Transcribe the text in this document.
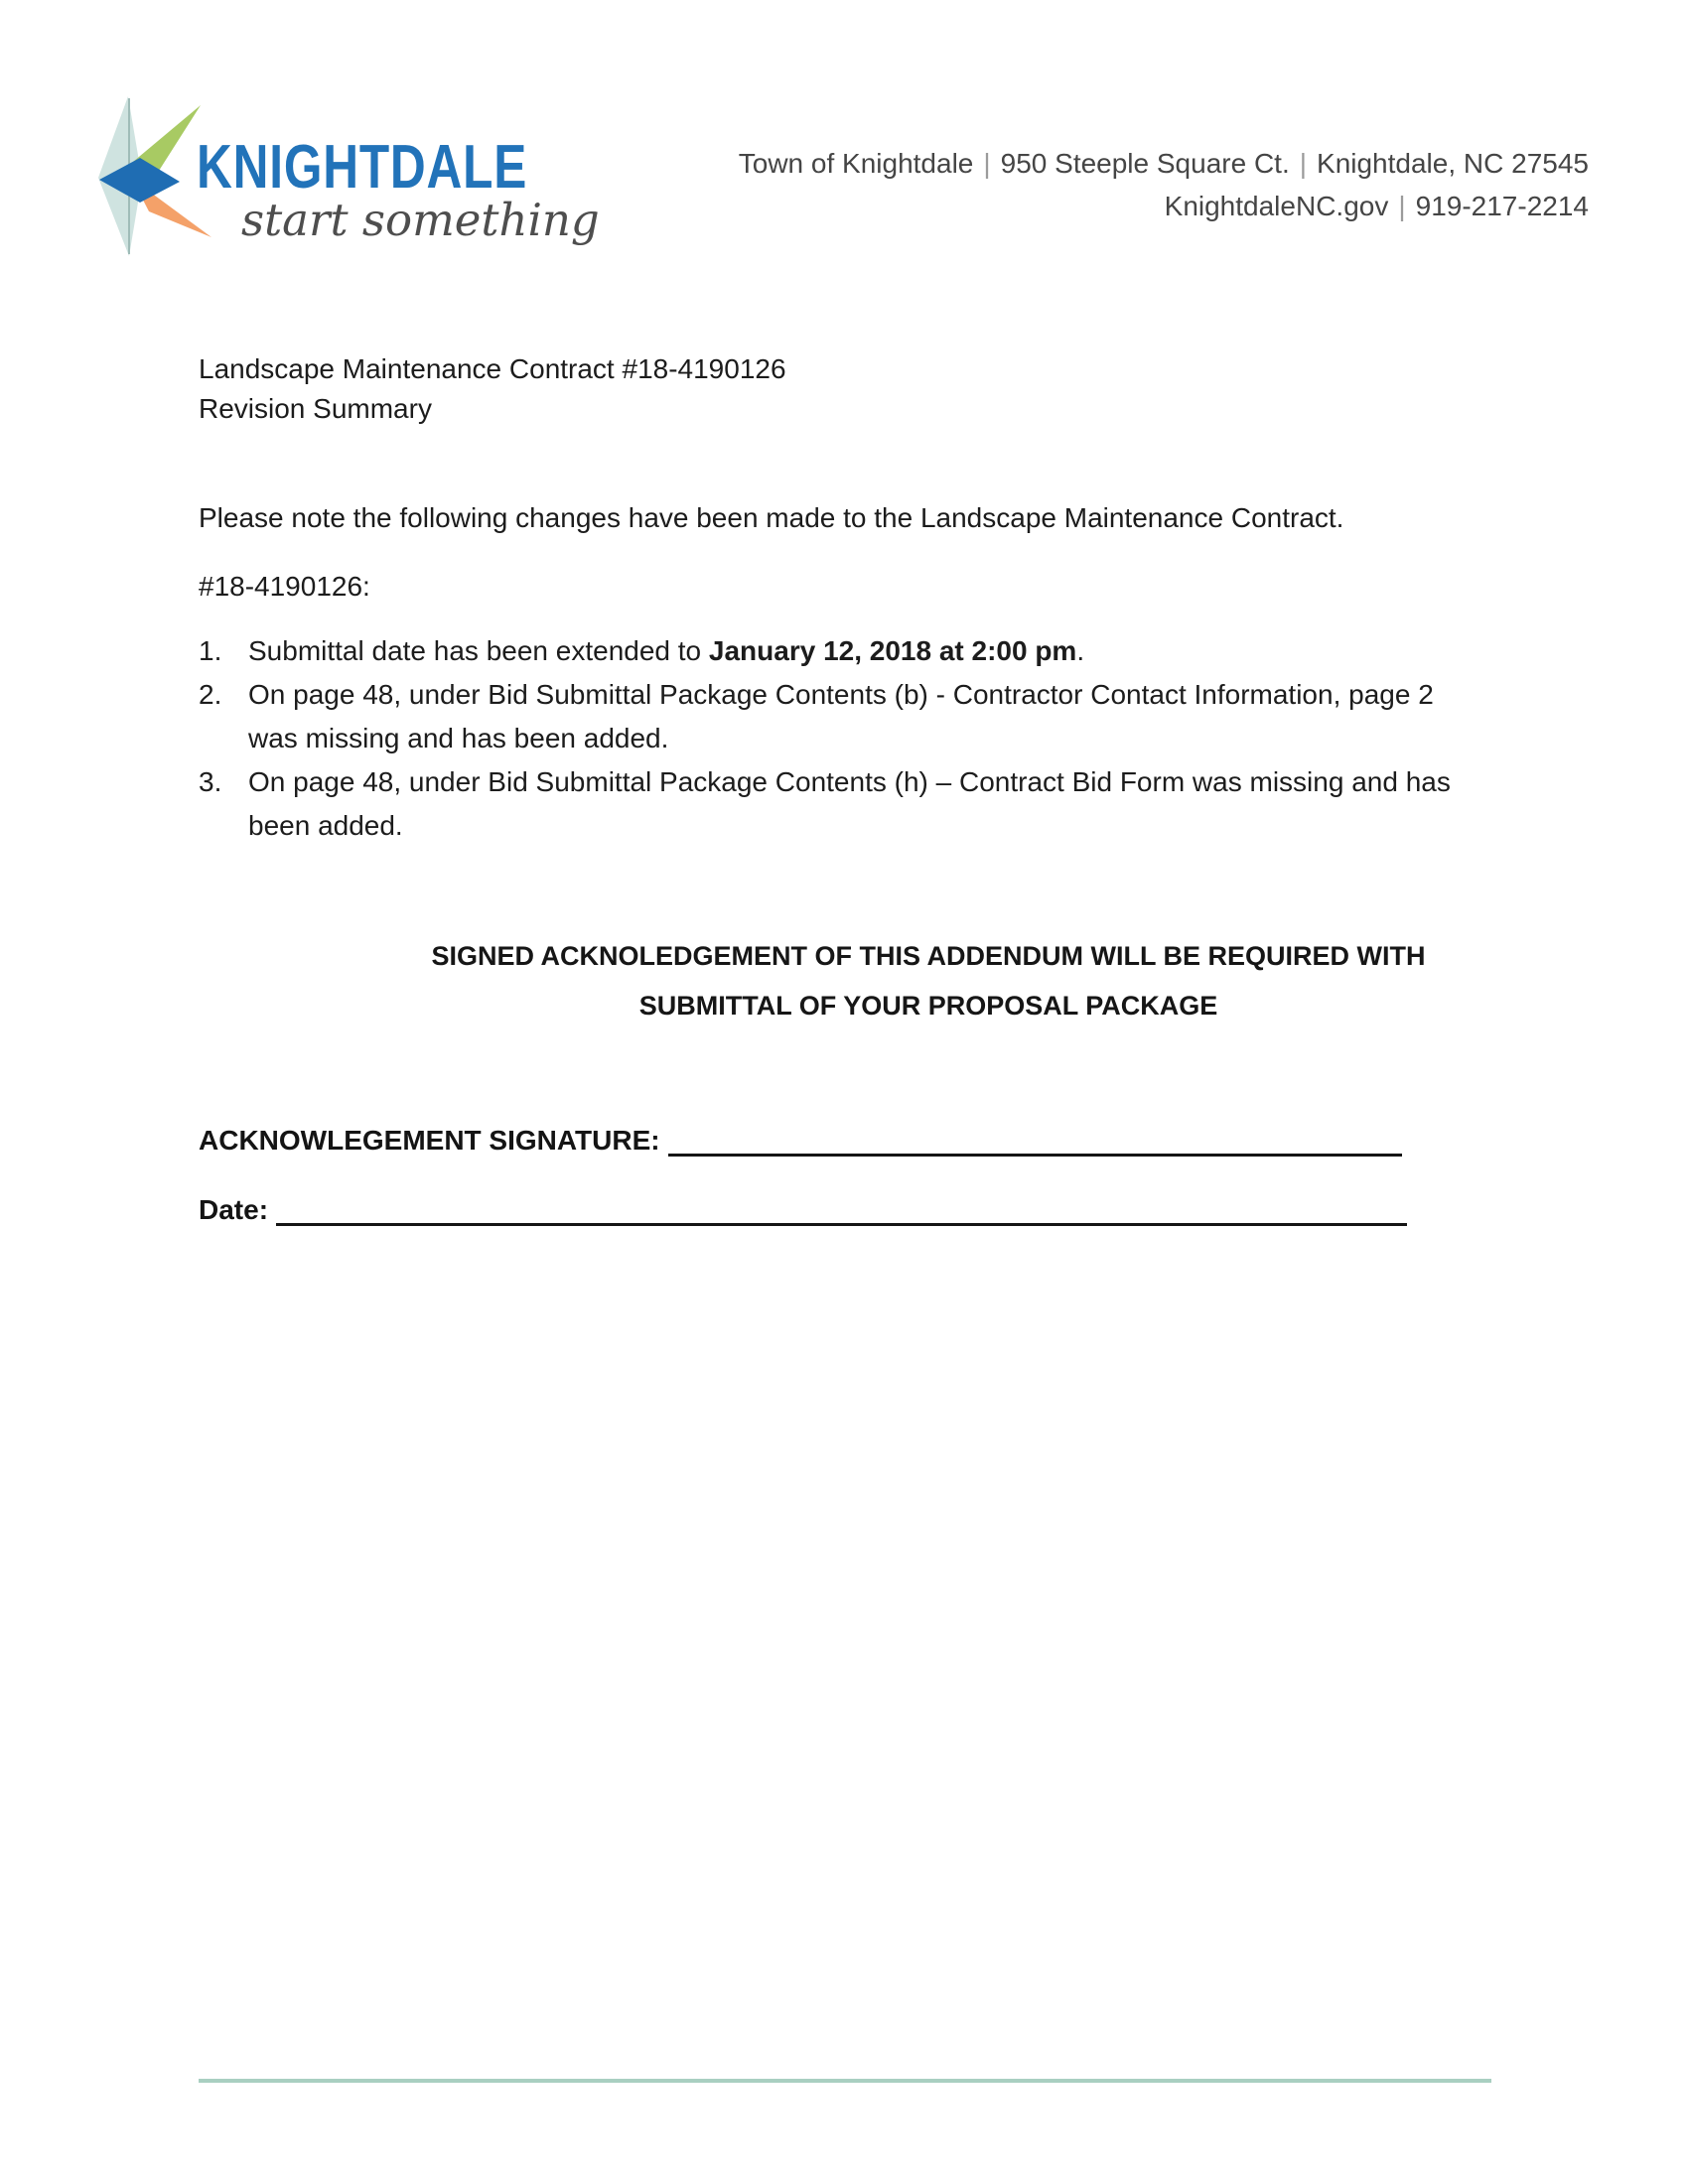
KNIGHTDALE
start something
Town of Knightdale | 950 Steeple Square Ct. | Knightdale, NC 27545
KnightdaleNC.gov | 919-217-2214
Landscape Maintenance Contract #18-4190126
Revision Summary
Please note the following changes have been made to the Landscape Maintenance Contract.
#18-4190126:
1. Submittal date has been extended to January 12, 2018 at 2:00 pm.
2. On page 48, under Bid Submittal Package Contents (b) - Contractor Contact Information, page 2
was missing and has been added.
3. On page 48, under Bid Submittal Package Contents (h) – Contract Bid Form was missing and has
been added.
SIGNED ACKNOLEDGEMENT OF THIS ADDENDUM WILL BE REQUIRED WITH
SUBMITTAL OF YOUR PROPOSAL PACKAGE
ACKNOWLEGEMENT SIGNATURE:
Date:
